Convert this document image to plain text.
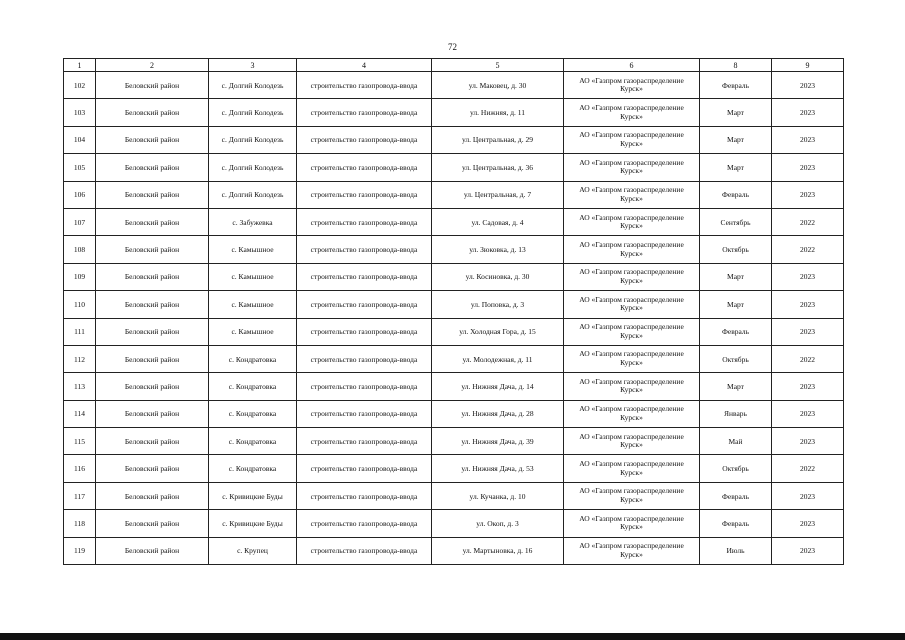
72
1	2	3	4	5	6	8	9
102	Беловский район	с. Долгий Колодезь	строительство газопровода-ввода	ул. Маковец, д. 30	АО «Газпром газораспределение Курск»	Февраль	2023
103	Беловский район	с. Долгий Колодезь	строительство газопровода-ввода	ул. Нижняя, д. 11	АО «Газпром газораспределение Курск»	Март	2023
104	Беловский район	с. Долгий Колодезь	строительство газопровода-ввода	ул. Центральная, д. 29	АО «Газпром газораспределение Курск»	Март	2023
105	Беловский район	с. Долгий Колодезь	строительство газопровода-ввода	ул. Центральная, д. 36	АО «Газпром газораспределение Курск»	Март	2023
106	Беловский район	с. Долгий Колодезь	строительство газопровода-ввода	ул. Центральная, д. 7	АО «Газпром газораспределение Курск»	Февраль	2023
107	Беловский район	с. Забужевка	строительство газопровода-ввода	ул. Садовая, д. 4	АО «Газпром газораспределение Курск»	Сентябрь	2022
108	Беловский район	с. Камышное	строительство газопровода-ввода	ул. Зюковка, д. 13	АО «Газпром газораспределение Курск»	Октябрь	2022
109	Беловский район	с. Камышное	строительство газопровода-ввода	ул. Косиновка, д. 30	АО «Газпром газораспределение Курск»	Март	2023
110	Беловский район	с. Камышное	строительство газопровода-ввода	ул. Поповка, д. 3	АО «Газпром газораспределение Курск»	Март	2023
111	Беловский район	с. Камышное	строительство газопровода-ввода	ул. Холодная Гора, д. 15	АО «Газпром газораспределение Курск»	Февраль	2023
112	Беловский район	с. Кондратовка	строительство газопровода-ввода	ул. Молодежная, д. 11	АО «Газпром газораспределение Курск»	Октябрь	2022
113	Беловский район	с. Кондратовка	строительство газопровода-ввода	ул. Нижняя Дача, д. 14	АО «Газпром газораспределение Курск»	Март	2023
114	Беловский район	с. Кондратовка	строительство газопровода-ввода	ул. Нижняя Дача, д. 28	АО «Газпром газораспределение Курск»	Январь	2023
115	Беловский район	с. Кондратовка	строительство газопровода-ввода	ул. Нижняя Дача, д. 39	АО «Газпром газораспределение Курск»	Май	2023
116	Беловский район	с. Кондратовка	строительство газопровода-ввода	ул. Нижняя Дача, д. 53	АО «Газпром газораспределение Курск»	Октябрь	2022
117	Беловский район	с. Кривицкие Буды	строительство газопровода-ввода	ул. Кучанка, д. 10	АО «Газпром газораспределение Курск»	Февраль	2023
118	Беловский район	с. Кривицкие Буды	строительство газопровода-ввода	ул. Окоп, д. 3	АО «Газпром газораспределение Курск»	Февраль	2023
119	Беловский район	с. Крупец	строительство газопровода-ввода	ул. Мартыновка, д. 16	АО «Газпром газораспределение Курск»	Июль	2023
